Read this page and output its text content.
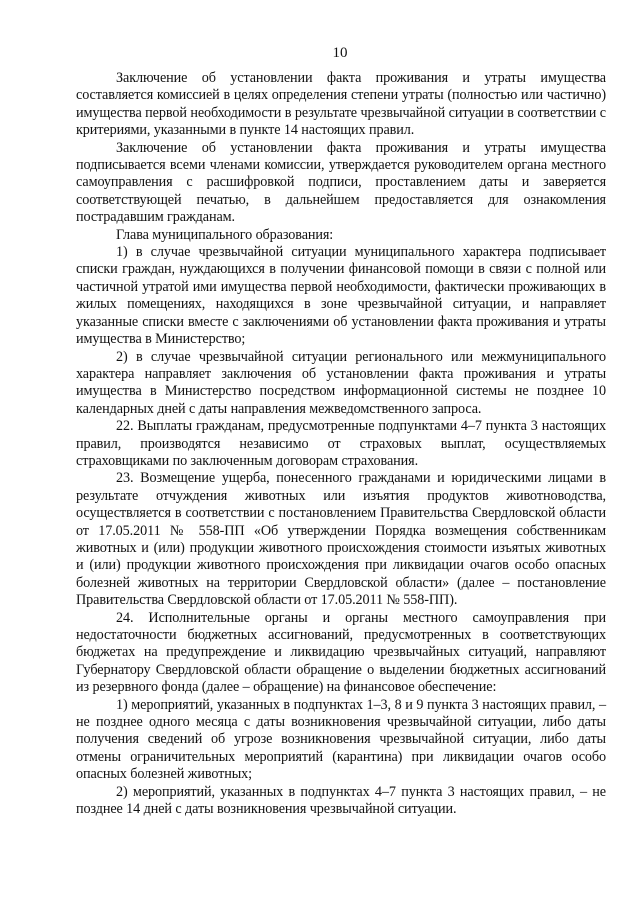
10

Заключение об установлении факта проживания и утраты имущества составляется комиссией в целях определения степени утраты (полностью или частично) имущества первой необходимости в результате чрезвычайной ситуации в соответствии с критериями, указанными в пункте 14 настоящих правил.

Заключение об установлении факта проживания и утраты имущества подписывается всеми членами комиссии, утверждается руководителем органа местного самоуправления с расшифровкой подписи, проставлением даты и заверяется соответствующей печатью, в дальнейшем предоставляется для ознакомления пострадавшим гражданам.

Глава муниципального образования:

1) в случае чрезвычайной ситуации муниципального характера подписывает списки граждан, нуждающихся в получении финансовой помощи в связи с полной или частичной утратой ими имущества первой необходимости, фактически проживающих в жилых помещениях, находящихся в зоне чрезвычайной ситуации, и направляет указанные списки вместе с заключениями об установлении факта проживания и утраты имущества в Министерство;

2) в случае чрезвычайной ситуации регионального или межмуниципального характера направляет заключения об установлении факта проживания и утраты имущества в Министерство посредством информационной системы не позднее 10 календарных дней с даты направления межведомственного запроса.

22. Выплаты гражданам, предусмотренные подпунктами 4–7 пункта 3 настоящих правил, производятся независимо от страховых выплат, осуществляемых страховщиками по заключенным договорам страхования.

23. Возмещение ущерба, понесенного гражданами и юридическими лицами в результате отчуждения животных или изъятия продуктов животноводства, осуществляется в соответствии с постановлением Правительства Свердловской области от 17.05.2011 № 558-ПП «Об утверждении Порядка возмещения собственникам животных и (или) продукции животного происхождения стоимости изъятых животных и (или) продукции животного происхождения при ликвидации очагов особо опасных болезней животных на территории Свердловской области» (далее – постановление Правительства Свердловской области от 17.05.2011 № 558-ПП).

24. Исполнительные органы и органы местного самоуправления при недостаточности бюджетных ассигнований, предусмотренных в соответствующих бюджетах на предупреждение и ликвидацию чрезвычайных ситуаций, направляют Губернатору Свердловской области обращение о выделении бюджетных ассигнований из резервного фонда (далее – обращение) на финансовое обеспечение:

1) мероприятий, указанных в подпунктах 1–3, 8 и 9 пункта 3 настоящих правил, – не позднее одного месяца с даты возникновения чрезвычайной ситуации, либо даты получения сведений об угрозе возникновения чрезвычайной ситуации, либо даты отмены ограничительных мероприятий (карантина) при ликвидации очагов особо опасных болезней животных;

2) мероприятий, указанных в подпунктах 4–7 пункта 3 настоящих правил, – не позднее 14 дней с даты возникновения чрезвычайной ситуации.
